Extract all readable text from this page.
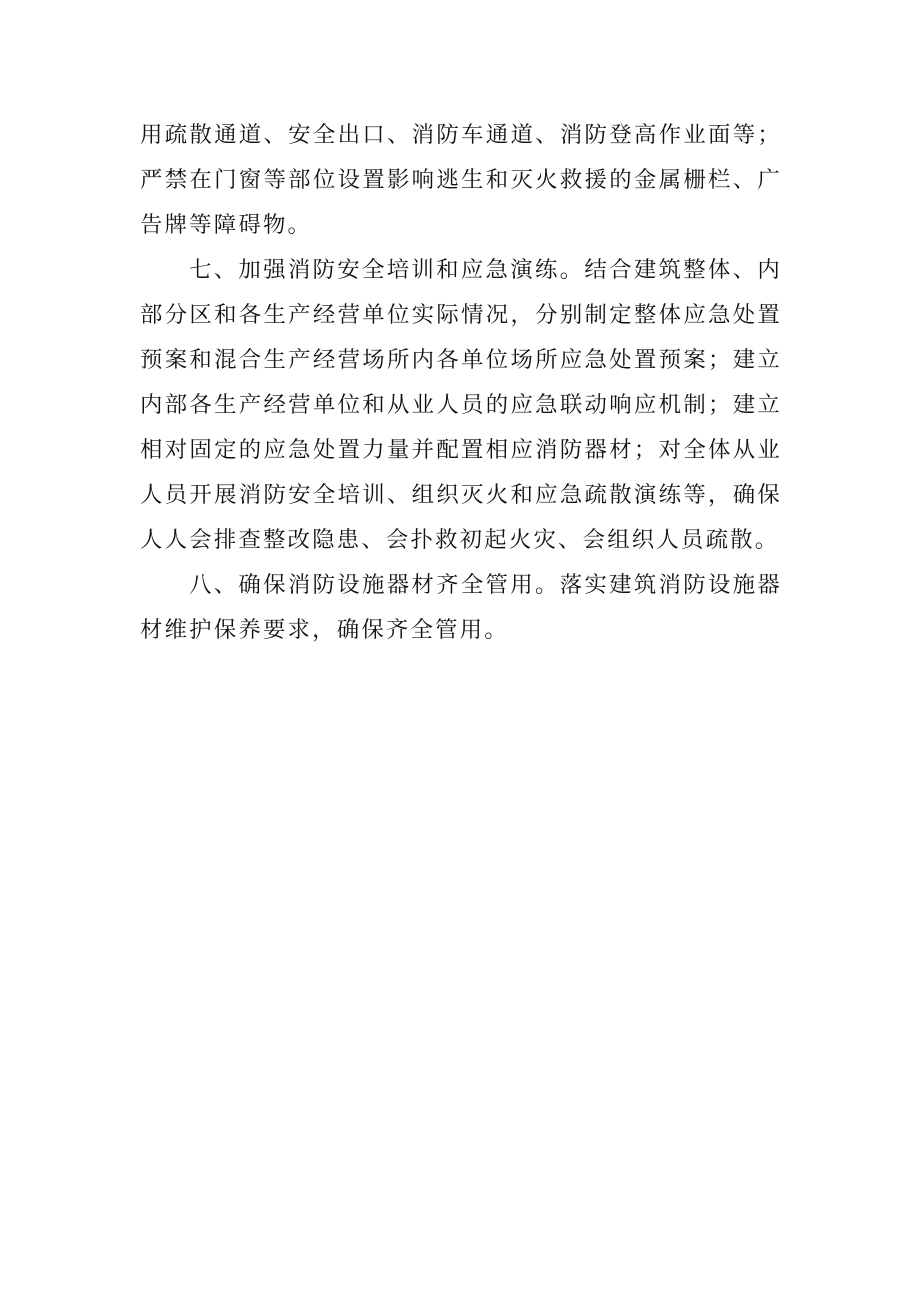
用疏散通道、安全出口、消防车通道、消防登高作业面等；严禁在门窗等部位设置影响逃生和灭火救援的金属栅栏、广告牌等障碍物。

七、加强消防安全培训和应急演练。结合建筑整体、内部分区和各生产经营单位实际情况，分别制定整体应急处置预案和混合生产经营场所内各单位场所应急处置预案；建立内部各生产经营单位和从业人员的应急联动响应机制；建立相对固定的应急处置力量并配置相应消防器材；对全体从业人员开展消防安全培训、组织灭火和应急疏散演练等，确保人人会排查整改隐患、会扑救初起火灾、会组织人员疏散。

八、确保消防设施器材齐全管用。落实建筑消防设施器材维护保养要求，确保齐全管用。
